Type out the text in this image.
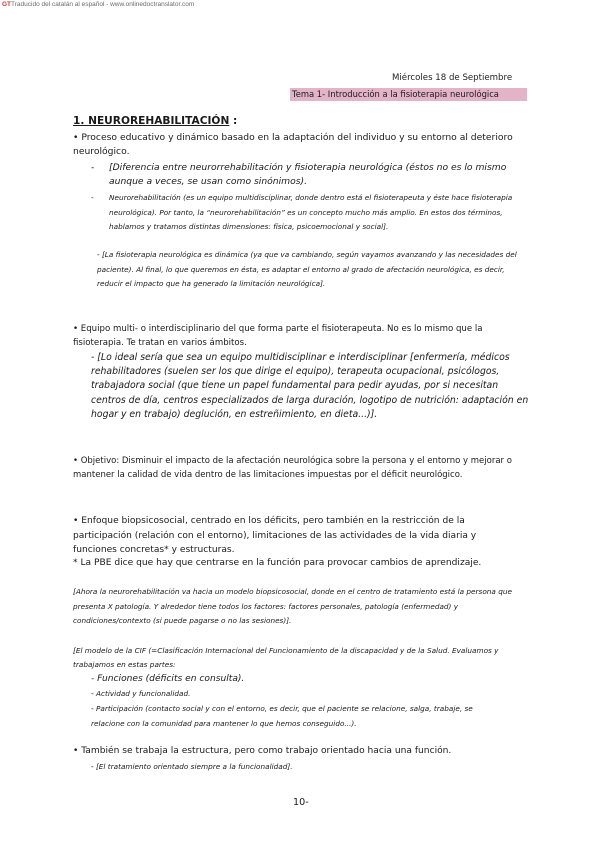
GTTraducido del catalán al español - www.onlinedoctranslator.com
Miércoles 18 de Septiembre
Tema 1- Introducción a la fisioterapia neurológica
1. NEUROREHABILITACIÓN :
• Proceso educativo y dinámico basado en la adaptación del individuo y su entorno al deterioro neurológico.
- [Diferencia entre neurorrehabilitación y fisioterapia neurológica (éstos no es lo mismo aunque a veces, se usan como sinónimos).
- Neurorehabilitación (es un equipo multidisciplinar, donde dentro está el fisioterapeuta y éste hace fisioterapia neurológica). Por tanto, la “neurorehabilitación” es un concepto mucho más amplio. En estos dos términos, hablamos y tratamos distintas dimensiones: física, psicoemocional y social].
- [La fisioterapia neurológica es dinámica (ya que va cambiando, según vayamos avanzando y las necesidades del paciente). Al final, lo que queremos en ésta, es adaptar el entorno al grado de afectación neurológica, es decir, reducir el impacto que ha generado la limitación neurológica].
• Equipo multi- o interdisciplinario del que forma parte el fisioterapeuta. No es lo mismo que la fisioterapia. Te tratan en varios ámbitos.
- [Lo ideal sería que sea un equipo multidisciplinar e interdisciplinar [enfermería, médicos rehabilitadores (suelen ser los que dirige el equipo), terapeuta ocupacional, psicólogos, trabajadora social (que tiene un papel fundamental para pedir ayudas, por si necesitan centros de día, centros especializados de larga duración, logotipo de nutrición: adaptación en hogar y en trabajo) deglución, en estreñimiento, en dieta...)].
• Objetivo: Disminuir el impacto de la afectación neurológica sobre la persona y el entorno y mejorar o mantener la calidad de vida dentro de las limitaciones impuestas por el déficit neurológico.
• Enfoque biopsicosocial, centrado en los déficits, pero también en la restricción de la participación (relación con el entorno), limitaciones de las actividades de la vida diaria y funciones concretas* y estructuras.
* La PBE dice que hay que centrarse en la función para provocar cambios de aprendizaje.
[Ahora la neurorehabilitación va hacia un modelo biopsicosocial, donde en el centro de tratamiento está la persona que presenta X patología. Y alrededor tiene todos los factores: factores personales, patología (enfermedad) y condiciones/contexto (si puede pagarse o no las sesiones)].
[El modelo de la CIF (=Clasificación Internacional del Funcionamiento de la discapacidad y de la Salud. Evaluamos y trabajamos en estas partes:
- Funciones (déficits en consulta).
- Actividad y funcionalidad.
- Participación (contacto social y con el entorno, es decir, que el paciente se relacione, salga, trabaje, se relacione con la comunidad para mantener lo que hemos conseguido...).
• También se trabaja la estructura, pero como trabajo orientado hacia una función.
- [El tratamiento orientado siempre a la funcionalidad].
10-
